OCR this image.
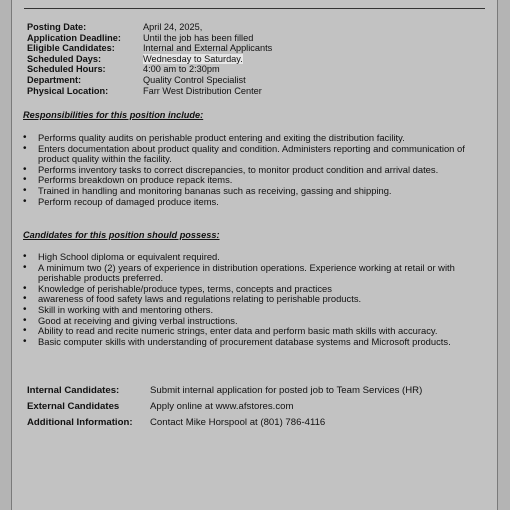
Posting Date:	April 24, 2025,
Application Deadline:	Until the job has been filled
Eligible Candidates:	Internal and External Applicants
Scheduled Days:	Wednesday to Saturday.
Scheduled Hours:	4:00 am to 2:30pm
Department:	Quality Control Specialist
Physical Location:	Farr West Distribution Center
Responsibilities for this position include:
• Performs quality audits on perishable product entering and exiting the distribution facility.
• Enters documentation about product quality and condition. Administers reporting and communication of product quality within the facility.
• Performs inventory tasks to correct discrepancies, to monitor product condition and arrival dates.
• Performs breakdown on produce repack items.
• Trained in handling and monitoring bananas such as receiving, gassing and shipping.
• Perform recoup of damaged produce items.
Candidates for this position should possess:
• High School diploma or equivalent required.
• A minimum two (2) years of experience in distribution operations. Experience working at retail or with perishable products preferred.
• Knowledge of perishable/produce types, terms, concepts and practices
• awareness of food safety laws and regulations relating to perishable products.
• Skill in working with and mentoring others.
• Good at receiving and giving verbal instructions.
• Ability to read and recite numeric strings, enter data and perform basic math skills with accuracy.
• Basic computer skills with understanding of procurement database systems and Microsoft products.
Internal Candidates:	Submit internal application for posted job to Team Services (HR)
External Candidates	Apply online at www.afstores.com
Additional Information:	Contact Mike Horspool at (801) 786-4116
